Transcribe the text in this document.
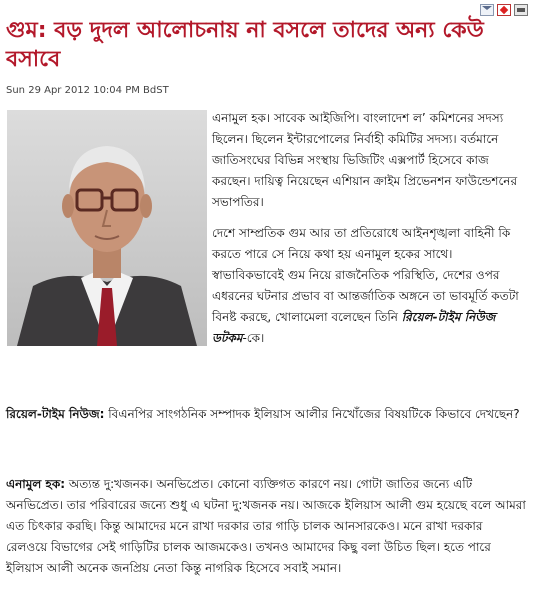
গুম: বড় দুদল আলোচনায় না বসলে তাদের অন্য কেউ বসাবে
Sun 29 Apr 2012 10:04 PM BdST

এনামুল হক। সাবেক আইজিপি। বাংলাদেশ ল’ কমিশনের সদস্য ছিলেন। ছিলেন ইন্টারপোলের নির্বাহী কমিটির সদস্য। বর্তমানে জাতিসংঘের বিভিন্ন সংস্থায় ভিজিটিং এক্সপার্ট হিসেবে কাজ করছেন। দায়িত্ব নিয়েছেন এশিয়ান ক্রাইম প্রিভেনশন ফাউন্ডেশনের সভাপতির।

দেশে সাম্প্রতিক গুম আর তা প্রতিরোধে আইনশৃঙ্খলা বাহিনী কি করতে পারে সে নিয়ে কথা হয় এনামুল হকের সাথে। স্বাভাবিকভাবেই গুম নিয়ে রাজনৈতিক পরিস্থিতি, দেশের ওপর এধরনের ঘটনার প্রভাব বা আন্তর্জাতিক অঙ্গনে তা ভাবমূর্তি কতটা বিনষ্ট করছে, খোলামেলা বলেছেন তিনি রিয়েল-টাইম নিউজ ডটকম-কে।

রিয়েল-টাইম নিউজ: বিএনপির সাংগঠনিক সম্পাদক ইলিয়াস আলীর নিখোঁজের বিষয়টিকে কিভাবে দেখছেন?

এনামুল হক: অত্যন্ত দু:খজনক। অনভিপ্রেত। কোনো ব্যক্তিগত কারণে নয়। গোটা জাতির জন্যে এটি অনভিপ্রেত। তার পরিবারের জন্যে শুধু এ ঘটনা দু:খজনক নয়। আজকে ইলিয়াস আলী গুম হয়েছে বলে আমরা এত চিৎকার করছি। কিন্তু আমাদের মনে রাখা দরকার তার গাড়ি চালক আনসারকেও। মনে রাখা দরকার রেলওয়ে বিভাগের সেই গাড়িটির চালক আজমকেও। তখনও আমাদের কিছু বলা উচিত ছিল। হতে পারে ইলিয়াস আলী অনেক জনপ্রিয় নেতা কিন্তু নাগরিক হিসেবে সবাই সমান।
